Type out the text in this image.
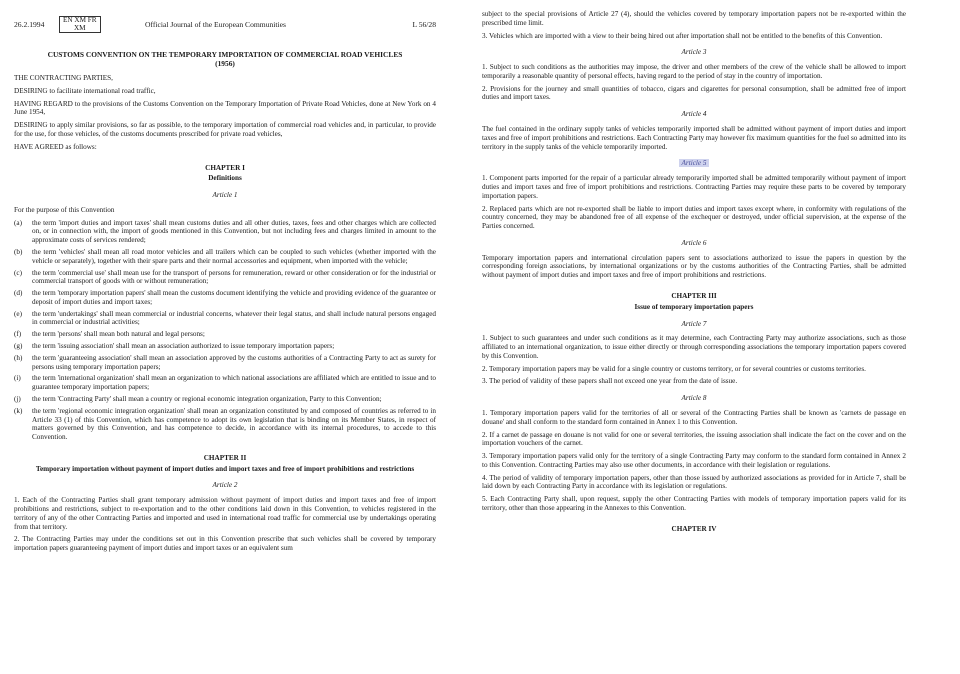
26.2.1994	EN XM FR
XM	Official Journal of the European Communities	L 56/28
CUSTOMS CONVENTION ON THE TEMPORARY IMPORTATION OF COMMERCIAL ROAD VEHICLES
(1956)

THE CONTRACTING PARTIES,

DESIRING to facilitate international road traffic,

HAVING REGARD to the provisions of the Customs Convention on the Temporary Importation of Private Road Vehicles, done at New York on 4 June 1954,

DESIRING to apply similar provisions, so far as possible, to the temporary importation of commercial road vehicles and, in particular, to provide for the use, for those vehicles, of the customs documents prescribed for private road vehicles,

HAVE AGREED as follows:

CHAPTER I
Definitions
Article 1

For the purpose of this Convention

(a)	the term 'import duties and import taxes' shall mean customs duties and all other duties, taxes, fees and other charges which are collected on, or in connection with, the import of goods mentioned in this Convention, but not including fees and charges limited in amount to the approximate costs of services rendered;
(b)	the term 'vehicles' shall mean all road motor vehicles and all trailers which can be coupled to such vehicles (whether imported with the vehicle or separately), together with their spare parts and their normal accessories and equipment, when imported with the vehicle;
(c)	the term 'commercial use' shall mean use for the transport of persons for remuneration, reward or other consideration or for the industrial or commercial transport of goods with or without remuneration;
(d)	the term 'temporary importation papers' shall mean the customs document identifying the vehicle and providing evidence of the guarantee or deposit of import duties and import taxes;
(e)	the term 'undertakings' shall mean commercial or industrial concerns, whatever their legal status, and shall include natural persons engaged in commercial or industrial activities;
(f)	the term 'persons' shall mean both natural and legal persons;
(g)	the term 'issuing association' shall mean an association authorized to issue temporary importation papers;
(h)	the term 'guaranteeing association' shall mean an association approved by the customs authorities of a Contracting Party to act as surety for persons using temporary importation papers;
(i)	the term 'international organization' shall mean an organization to which national associations are affiliated which are entitled to issue and to guarantee temporary importation papers;
(j)	the term 'Contracting Party' shall mean a country or regional economic integration organization, Party to this Convention;
(k)	the term 'regional economic integration organization' shall mean an organization constituted by and composed of countries as referred to in Article 33 (1) of this Convention, which has competence to adopt its own legislation that is binding on its Member States, in respect of matters governed by this Convention, and has competence to decide, in accordance with its internal procedures, to accede to this Convention.
CHAPTER II
Temporary importation without payment of import duties and import taxes and free of import prohibitions and restrictions
Article 2

1. Each of the Contracting Parties shall grant temporary admission without payment of import duties and import taxes and free of import prohibitions and restrictions, subject to re-exportation and to the other conditions laid down in this Convention, to vehicles registered in the territory of any of the other Contracting Parties and imported and used in international road traffic for commercial use by undertakings operating from that territory.

2. The Contracting Parties may under the conditions set out in this Convention prescribe that such vehicles shall be covered by temporary importation papers guaranteeing payment of import duties and import taxes or an equivalent sum

subject to the special provisions of Article 27 (4), should the vehicles covered by temporary importation papers not be re-exported within the prescribed time limit.

3. Vehicles which are imported with a view to their being hired out after importation shall not be entitled to the benefits of this Convention.

Article 3

1. Subject to such conditions as the authorities may impose, the driver and other members of the crew of the vehicle shall be allowed to import temporarily a reasonable quantity of personal effects, having regard to the period of stay in the country of importation.

2. Provisions for the journey and small quantities of tobacco, cigars and cigarettes for personal consumption, shall be admitted free of import duties and import taxes.

Article 4

The fuel contained in the ordinary supply tanks of vehicles temporarily imported shall be admitted without payment of import duties and import taxes and free of import prohibitions and restrictions. Each Contracting Party may however fix maximum quantities for the fuel so admitted into its territory in the supply tanks of the vehicle temporarily imported.

Article 5

1. Component parts imported for the repair of a particular already temporarily imported shall be admitted temporarily without payment of import duties and import taxes and free of import prohibitions and restrictions. Contracting Parties may require these parts to be covered by temporary importation papers.

2. Replaced parts which are not re-exported shall be liable to import duties and import taxes except where, in conformity with regulations of the country concerned, they may be abandoned free of all expense of the exchequer or destroyed, under official supervision, at the expense of the Parties concerned.

Article 6

Temporary importation papers and international circulation papers sent to associations authorized to issue the papers in question by the corresponding foreign associations, by international organizations or by the customs authorities of the Contracting Parties, shall be admitted without payment of import duties and import taxes and free of import prohibitions and restrictions.

CHAPTER III
Issue of temporary importation papers
Article 7

1. Subject to such guarantees and under such conditions as it may determine, each Contracting Party may authorize associations, such as those affiliated to an international organization, to issue either directly or through corresponding associations the temporary importation papers covered by this Convention.

2. Temporary importation papers may be valid for a single country or customs territory, or for several countries or customs territories.

3. The period of validity of these papers shall not exceed one year from the date of issue.

Article 8

1. Temporary importation papers valid for the territories of all or several of the Contracting Parties shall be known as 'carnets de passage en douane' and shall conform to the standard form contained in Annex 1 to this Convention.

2. If a carnet de passage en douane is not valid for one or several territories, the issuing association shall indicate the fact on the cover and on the importation vouchers of the carnet.

3. Temporary importation papers valid only for the territory of a single Contracting Party may conform to the standard form contained in Annex 2 to this Convention. Contracting Parties may also use other documents, in accordance with their legislation or regulations.

4. The period of validity of temporary importation papers, other than those issued by authorized associations as provided for in Article 7, shall be laid down by each Contracting Party in accordance with its legislation or regulations.

5. Each Contracting Party shall, upon request, supply the other Contracting Parties with models of temporary importation papers valid for its territory, other than those appearing in the Annexes to this Convention.

CHAPTER IV
